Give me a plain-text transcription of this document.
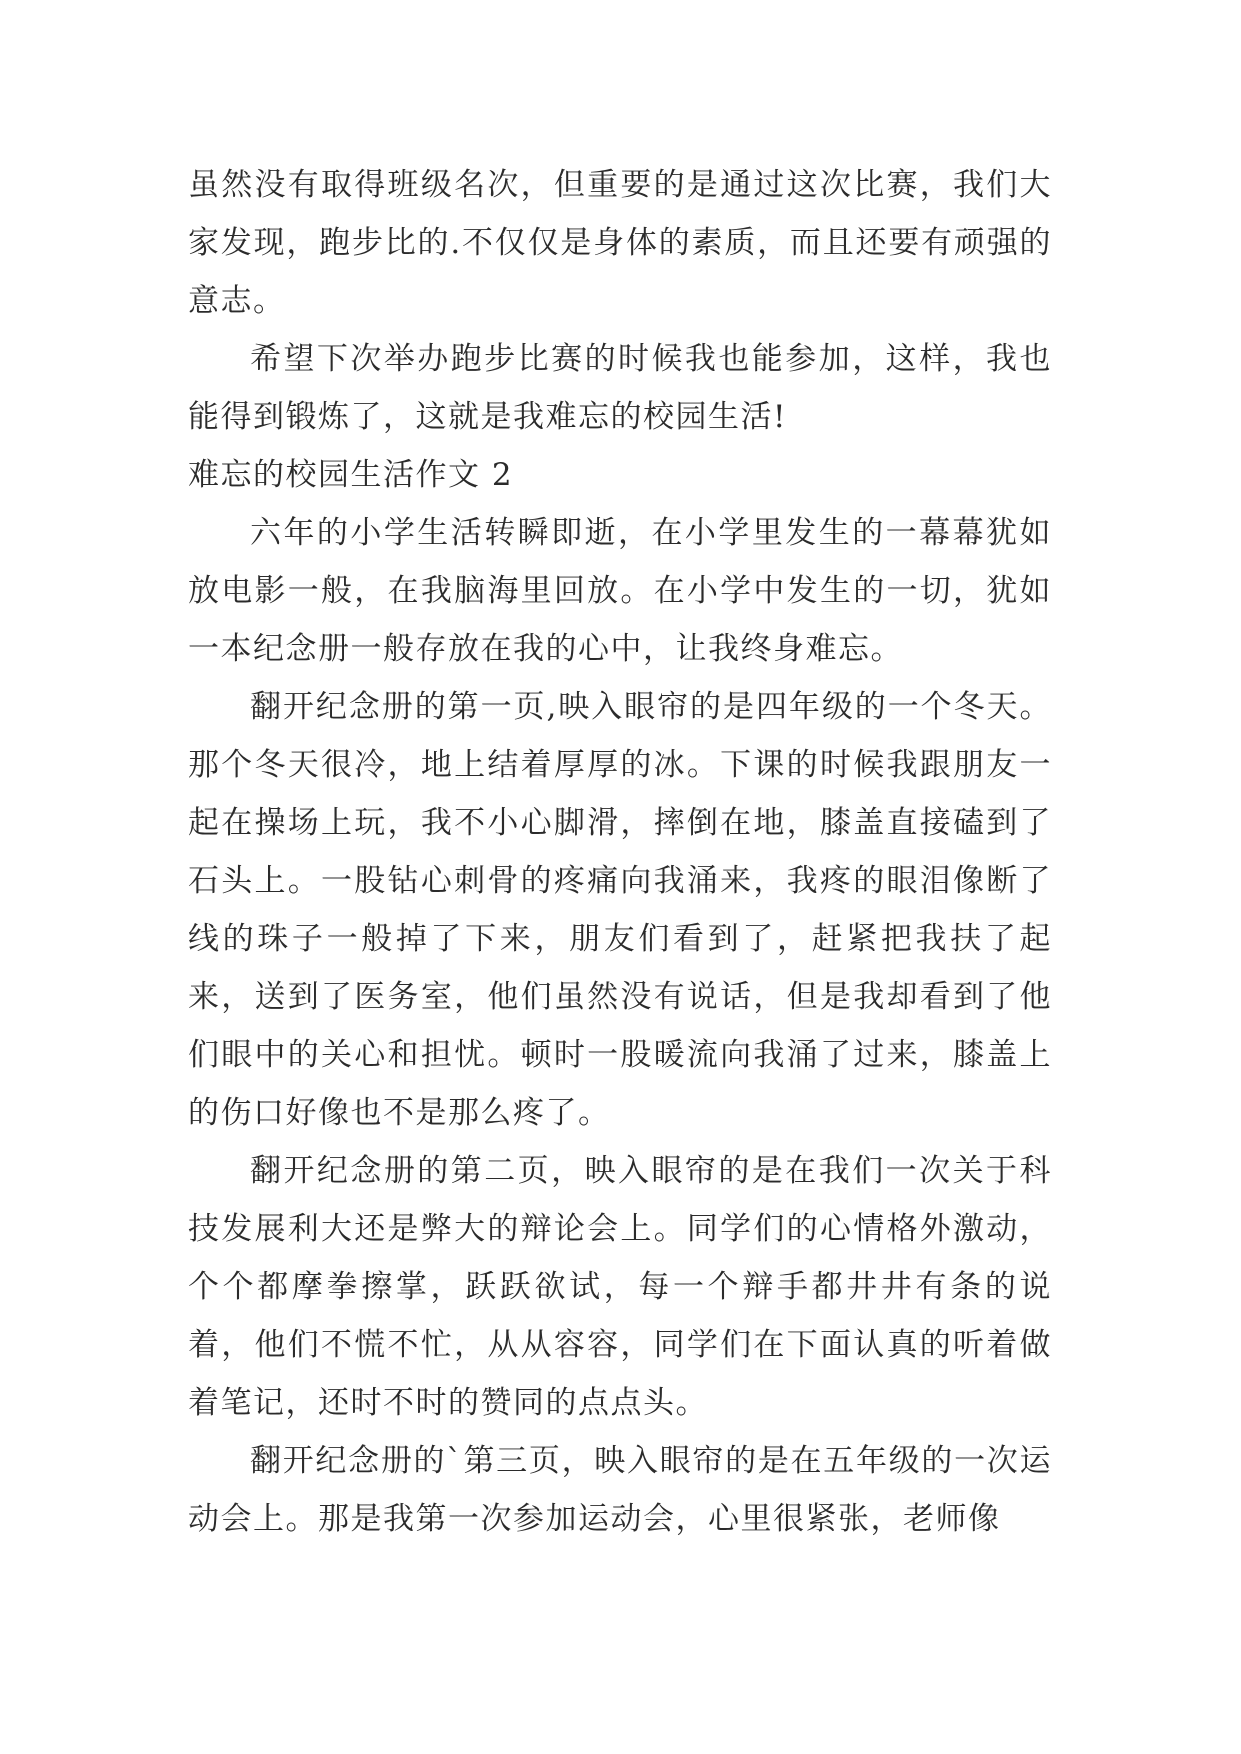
虽然没有取得班级名次，但重要的是通过这次比赛，我们大家发现，跑步比的.不仅仅是身体的素质，而且还要有顽强的意志。

希望下次举办跑步比赛的时候我也能参加，这样，我也能得到锻炼了，这就是我难忘的校园生活!

难忘的校园生活作文 2

六年的小学生活转瞬即逝，在小学里发生的一幕幕犹如放电影一般，在我脑海里回放。在小学中发生的一切，犹如一本纪念册一般存放在我的心中，让我终身难忘。

翻开纪念册的第一页,映入眼帘的是四年级的一个冬天。那个冬天很冷，地上结着厚厚的冰。下课的时候我跟朋友一起在操场上玩，我不小心脚滑，摔倒在地，膝盖直接磕到了石头上。一股钻心刺骨的疼痛向我涌来，我疼的眼泪像断了线的珠子一般掉了下来，朋友们看到了，赶紧把我扶了起来，送到了医务室，他们虽然没有说话，但是我却看到了他们眼中的关心和担忧。顿时一股暖流向我涌了过来，膝盖上的伤口好像也不是那么疼了。

翻开纪念册的第二页，映入眼帘的是在我们一次关于科技发展利大还是弊大的辩论会上。同学们的心情格外激动，个个都摩拳擦掌，跃跃欲试，每一个辩手都井井有条的说着，他们不慌不忙，从从容容，同学们在下面认真的听着做着笔记，还时不时的赞同的点点头。

翻开纪念册的`第三页，映入眼帘的是在五年级的一次运动会上。那是我第一次参加运动会，心里很紧张，老师像
